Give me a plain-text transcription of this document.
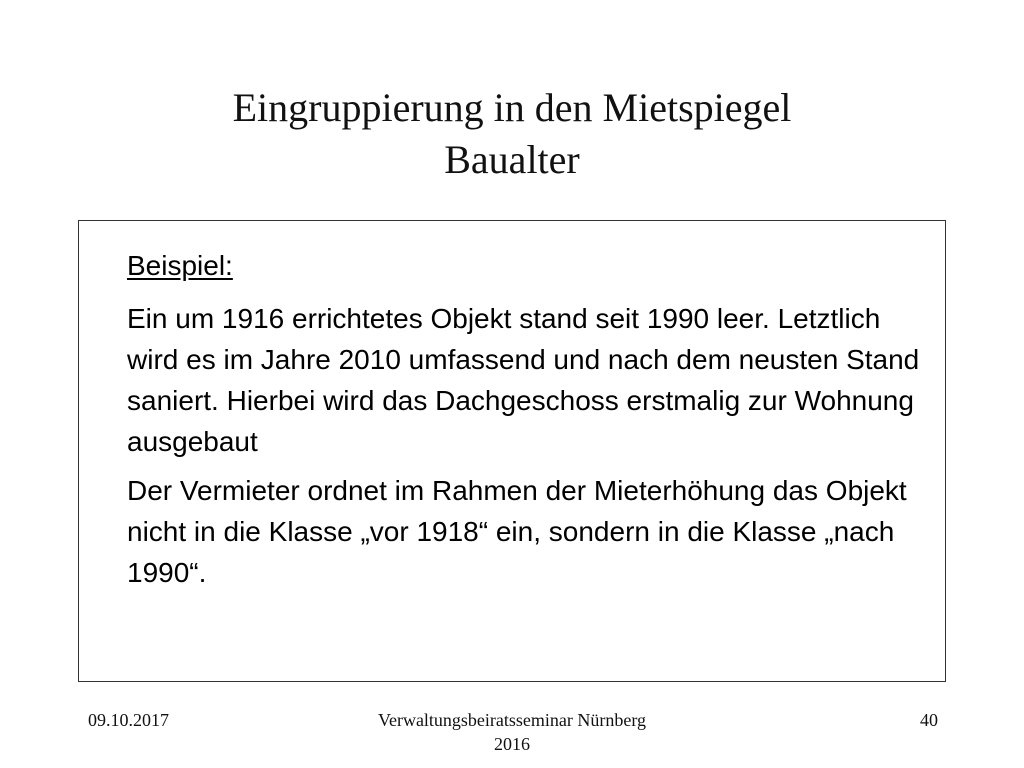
Eingruppierung in den Mietspiegel
Baualter
Beispiel:

Ein um 1916 errichtetes Objekt stand seit 1990 leer. Letztlich wird es im Jahre 2010 umfassend und nach dem neusten Stand saniert. Hierbei wird das Dachgeschoss erstmalig zur Wohnung ausgebaut

Der Vermieter ordnet im Rahmen der Mieterhöhung das Objekt nicht in die Klasse „vor 1918“ ein, sondern in die Klasse „nach 1990“.

09.10.2017	Verwaltungsbeiratsseminar Nürnberg
2016
40
